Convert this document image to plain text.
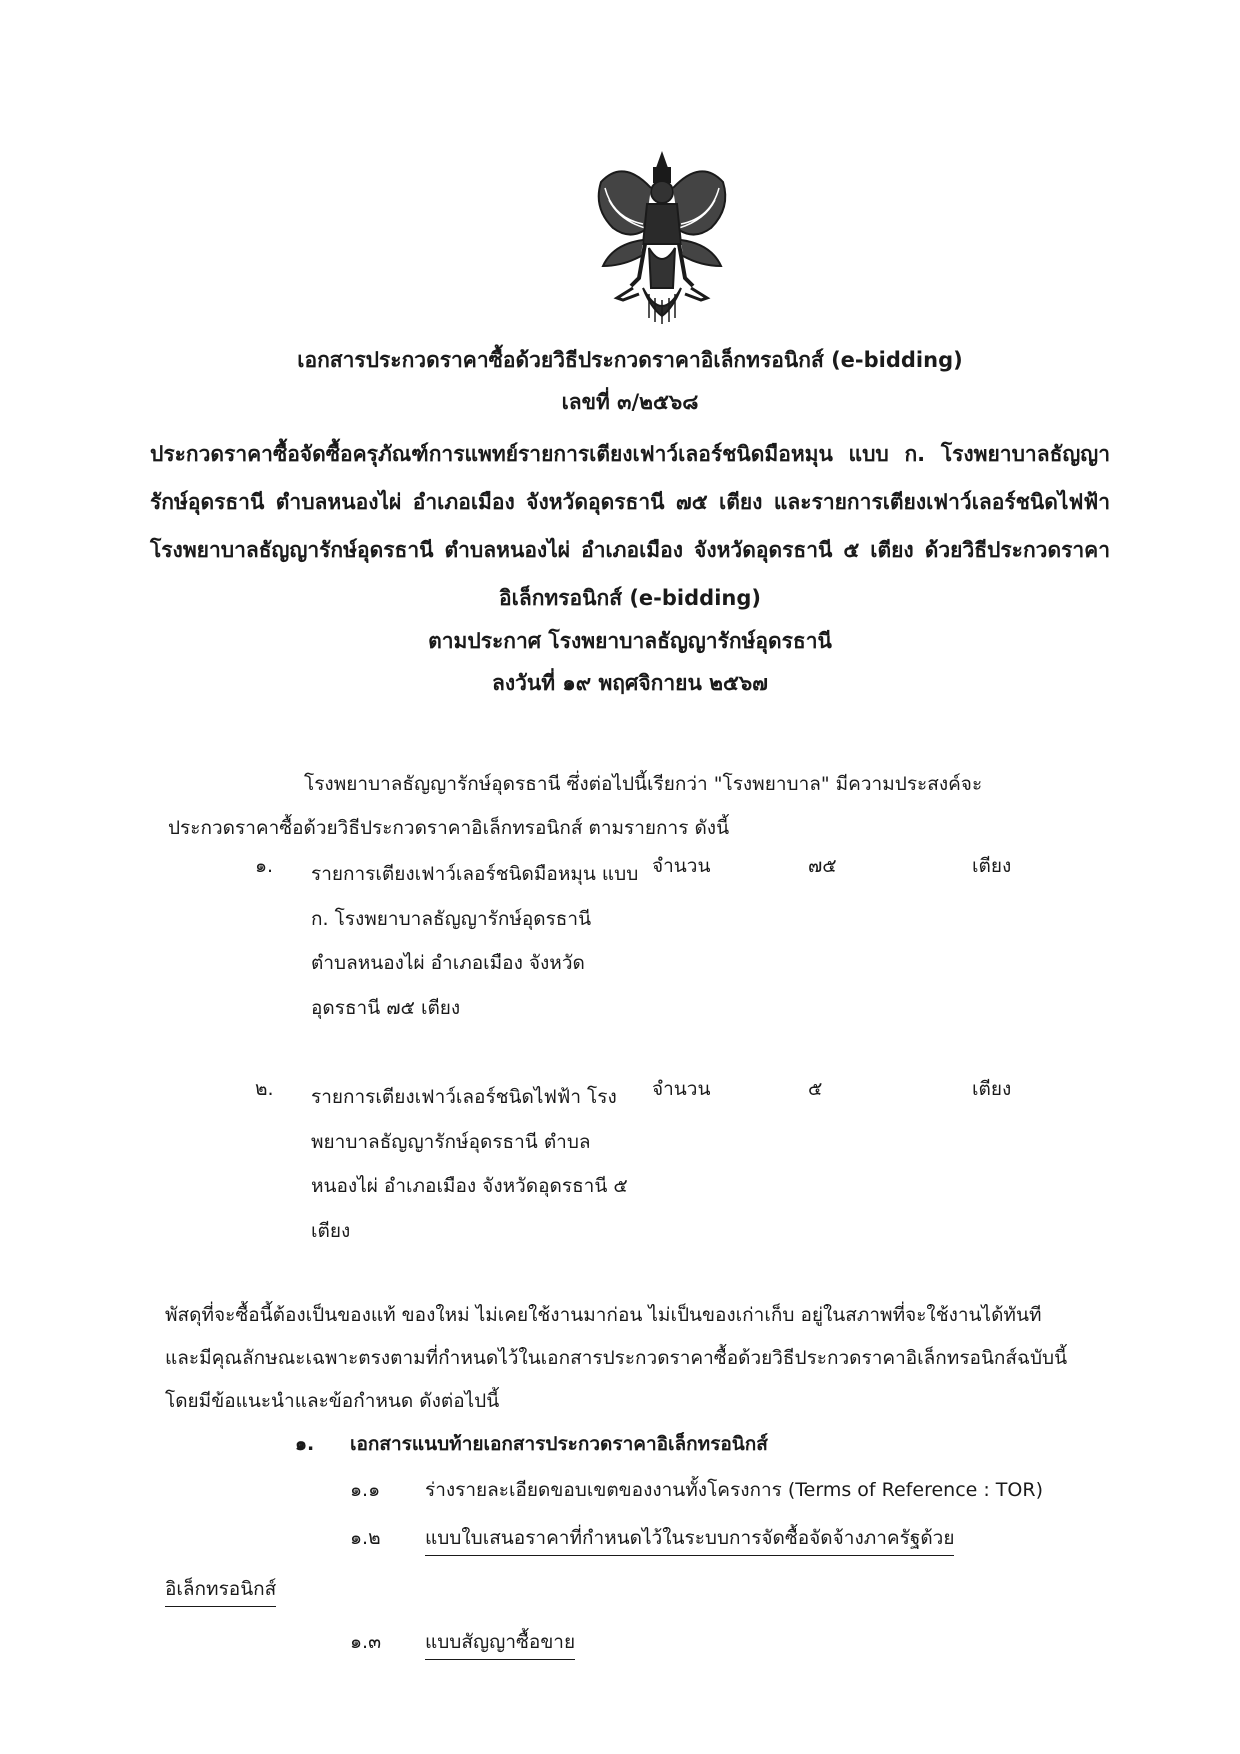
เอกสารประกวดราคาซื้อด้วยวิธีประกวดราคาอิเล็กทรอนิกส์ (e-bidding)
เลขที่ ๓/๒๕๖๘
ประกวดราคาซื้อจัดซื้อครุภัณฑ์การแพทย์รายการเตียงเฟาว์เลอร์ชนิดมือหมุน แบบ ก. โรงพยาบาลธัญญารักษ์อุดรธานี ตำบลหนองไผ่ อำเภอเมือง จังหวัดอุดรธานี ๗๕ เตียง และรายการเตียงเฟาว์เลอร์ชนิดไฟฟ้า โรงพยาบาลธัญญารักษ์อุดรธานี ตำบลหนองไผ่ อำเภอเมือง จังหวัดอุดรธานี ๕ เตียง ด้วยวิธีประกวดราคาอิเล็กทรอนิกส์ (e-bidding)
ตามประกาศ โรงพยาบาลธัญญารักษ์อุดรธานี
ลงวันที่ ๑๙ พฤศจิกายน ๒๕๖๗
โรงพยาบาลธัญญารักษ์อุดรธานี ซึ่งต่อไปนี้เรียกว่า "โรงพยาบาล" มีความประสงค์จะประกวดราคาซื้อด้วยวิธีประกวดราคาอิเล็กทรอนิกส์ ตามรายการ ดังนี้
๑. รายการเตียงเฟาว์เลอร์ชนิดมือหมุน แบบ ก. โรงพยาบาลธัญญารักษ์อุดรธานี ตำบลหนองไผ่ อำเภอเมือง จังหวัดอุดรธานี ๗๕ เตียง
จำนวน	๗๕	เตียง
๒. รายการเตียงเฟาว์เลอร์ชนิดไฟฟ้า โรงพยาบาลธัญญารักษ์อุดรธานี ตำบลหนองไผ่ อำเภอเมือง จังหวัดอุดรธานี ๕ เตียง
จำนวน	๕	เตียง
พัสดุที่จะซื้อนี้ต้องเป็นของแท้ ของใหม่ ไม่เคยใช้งานมาก่อน ไม่เป็นของเก่าเก็บ อยู่ในสภาพที่จะใช้งานได้ทันที และมีคุณลักษณะเฉพาะตรงตามที่กำหนดไว้ในเอกสารประกวดราคาซื้อด้วยวิธีประกวดราคาอิเล็กทรอนิกส์ฉบับนี้ โดยมีข้อแนะนำและข้อกำหนด ดังต่อไปนี้
๑. เอกสารแนบท้ายเอกสารประกวดราคาอิเล็กทรอนิกส์
๑.๑ ร่างรายละเอียดขอบเขตของงานทั้งโครงการ (Terms of Reference : TOR)
๑.๒ แบบใบเสนอราคาที่กำหนดไว้ในระบบการจัดซื้อจัดจ้างภาครัฐด้วย
อิเล็กทรอนิกส์
๑.๓ แบบสัญญาซื้อขาย
